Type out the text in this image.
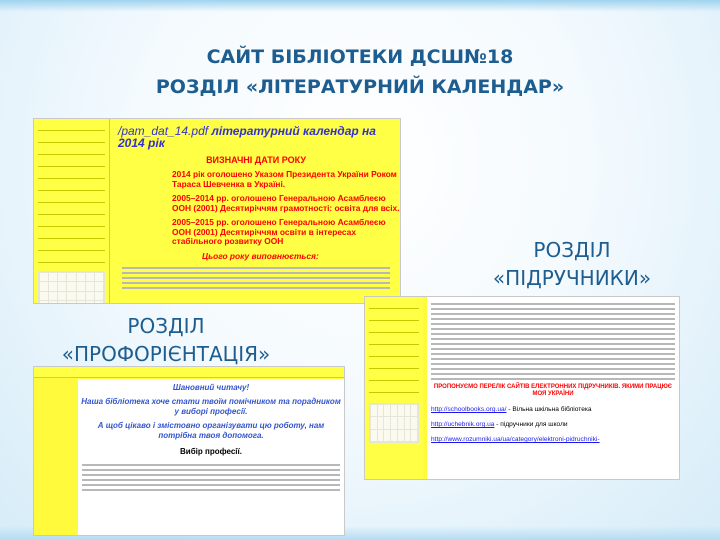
САЙТ БІБЛІОТЕКИ ДСШ№18
РОЗДІЛ «ЛІТЕРАТУРНИЙ КАЛЕНДАР»
/pam_dat_14.pdf літературний календар на 2014 рік
ВИЗНАЧНІ ДАТИ РОКУ
2014 рік оголошено Указом Президента України Роком Тараса Шевченка в Україні.
2005–2014 рр. оголошено Генеральною Асамблеєю ООН (2001) Десятиріччям грамотності: освіта для всіх.
2005–2015 рр. оголошено Генеральною Асамблеєю ООН (2001) Десятиріччям освіти в інтересах стабільного розвитку ООН
Цього року виповнюється:
ПРОПОНУЄМО ПЕРЕЛІК САЙТІВ ЕЛЕКТРОННИХ ПІДРУЧНИКІВ. ЯКИМИ ПРАЦЮЄ МОЯ УКРАЇНИ
http://schoolbooks.org.ua/ - Вільна шкільна бібліотека
http://uchebnik.org.ua - підручники для школи
http://www.rozumniki.ua/ua/category/elektroni-pidruchniki-
Шановний читачу!
Наша бібліотека хоче стати твоїм помічником та порадником у виборі професії.
А щоб цікаво і змістовно організувати цю роботу, нам потрібна твоя допомога.
Вибір професії.
РОЗДІЛ
«ПІДРУЧНИКИ»
РОЗДІЛ
«ПРОФОРІЄНТАЦІЯ»
